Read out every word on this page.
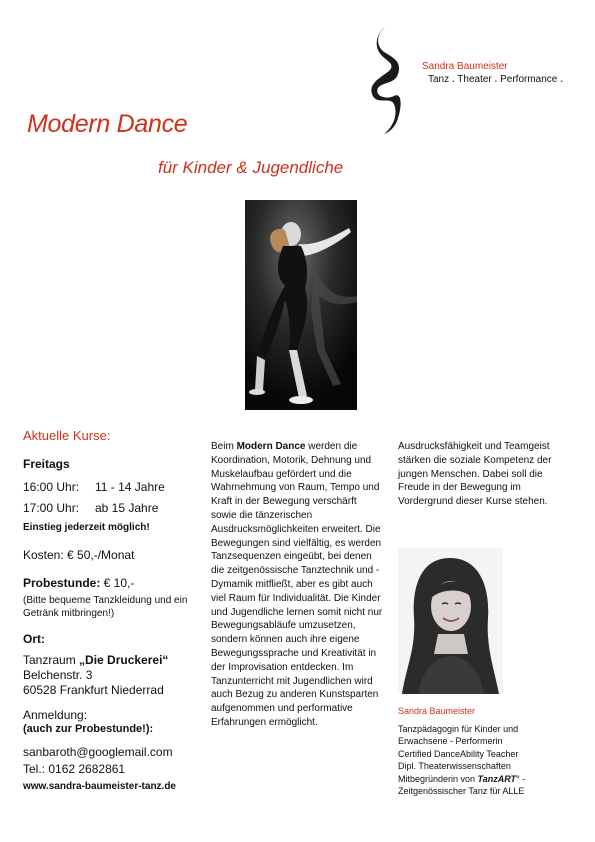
Sandra Baumeister
Tanz . Theater . Performance .
Modern Dance
für Kinder & Jugendliche
Aktuelle Kurse:
Freitags
16:00 Uhr:	11 - 14 Jahre
17:00 Uhr:	ab 15 Jahre
Einstieg jederzeit möglich!
Kosten: € 50,-/Monat
Probestunde: € 10,-
(Bitte bequeme Tanzkleidung und ein Getränk mitbringen!)
Ort:
Tanzraum „Die Druckerei“
Belchenstr. 3
60528 Frankfurt Niederrad
Anmeldung:
(auch zur Probestunde!):
sanbaroth@googlemail.com
Tel.: 0162 2682861
www.sandra-baumeister-tanz.de
Beim Modern Dance werden die Koordination, Motorik, Dehnung und Muskelaufbau gefördert und die Wahrnehmung von Raum, Tempo und Kraft in der Bewegung verschärft sowie die tänzerischen Ausdrucksmöglichkeiten erweitert. Die Bewegungen sind vielfältig, es werden Tanzsequenzen eingeübt, bei denen die zeitgenössische Tanztechnik und -Dymamik mitfließt, aber es gibt auch viel Raum für Individualität. Die Kinder und Jugendliche lernen somit nicht nur Bewegungsabläufe umzusetzen, sondern können auch ihre eigene Bewegungssprache und Kreativität in der Improvisation entdecken. Im Tanzunterricht mit Jugendlichen wird auch Bezug zu anderen Kunstsparten aufgenommen und performative Erfahrungen ermöglicht.
Ausdrucksfähigkeit und Teamgeist stärken die soziale Kompetenz der jungen Menschen. Dabei soll die Freude in der Bewegung im Vordergrund dieser Kurse stehen.
Sandra Baumeister
Tanzpädagogin für Kinder und
Erwachsene - Performerin
Certified DanceAbility Teacher
Dipl. Theaterwissenschaften
Mitbegründerin von TanzART° -
Zeitgenössischer Tanz für ALLE
